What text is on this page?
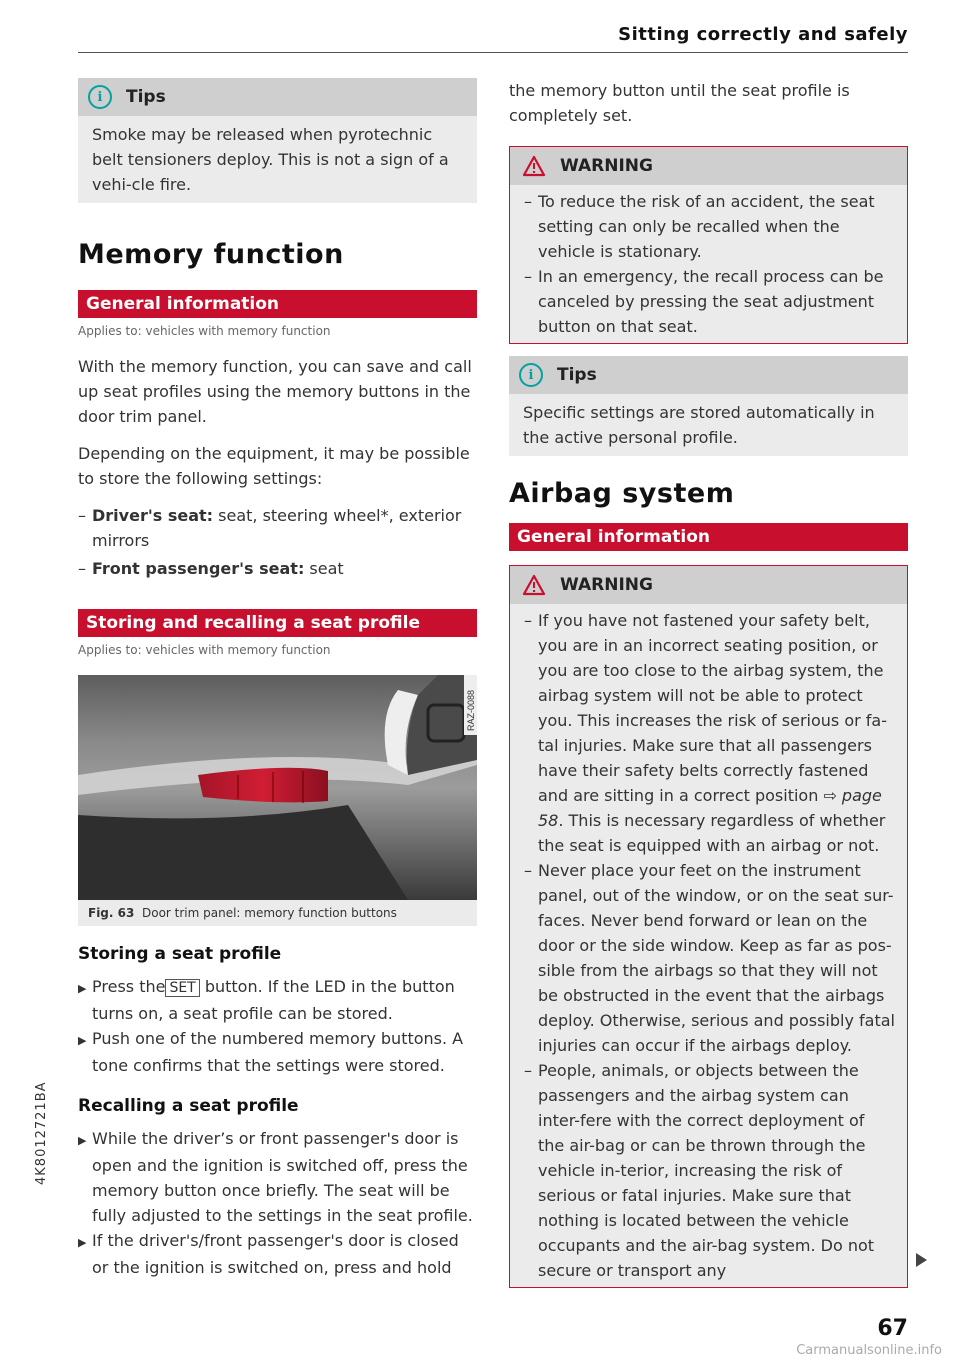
Sitting correctly and safely
i	Tips
Smoke may be released when pyrotechnic belt tensioners deploy. This is not a sign of a vehi-cle fire.
Memory function
General information
Applies to: vehicles with memory function

With the memory function, you can save and call up seat profiles using the memory buttons in the door trim panel.

Depending on the equipment, it may be possible to store the following settings:

– Driver's seat: seat, steering wheel*, exterior mirrors
– Front passenger's seat: seat
Storing and recalling a seat profile
Applies to: vehicles with memory function
RAZ-0088
Fig. 63 Door trim panel: memory function buttons
Storing a seat profile
▶ Press the SET button. If the LED in the button turns on, a seat profile can be stored.
▶ Push one of the numbered memory buttons. A tone confirms that the settings were stored.
Recalling a seat profile
▶ While the driver’s or front passenger's door is open and the ignition is switched off, press the memory button once briefly. The seat will be fully adjusted to the settings in the seat profile.
▶ If the driver's/front passenger's door is closed or the ignition is switched on, press and hold

the memory button until the seat profile is completely set.

WARNING
– To reduce the risk of an accident, the seat setting can only be recalled when the vehicle is stationary.
– In an emergency, the recall process can be canceled by pressing the seat adjustment button on that seat.
i	Tips
Specific settings are stored automatically in the active personal profile.
Airbag system
General information
WARNING
– If you have not fastened your safety belt, you are in an incorrect seating position, or you are too close to the airbag system, the airbag system will not be able to protect you. This increases the risk of serious or fa-tal injuries. Make sure that all passengers have their safety belts correctly fastened and are sitting in a correct position ⇨ page 58. This is necessary regardless of whether the seat is equipped with an airbag or not.
– Never place your feet on the instrument panel, out of the window, or on the seat sur-faces. Never bend forward or lean on the door or the side window. Keep as far as pos-sible from the airbags so that they will not be obstructed in the event that the airbags deploy. Otherwise, serious and possibly fatal injuries can occur if the airbags deploy.
– People, animals, or objects between the passengers and the airbag system can inter-fere with the correct deployment of the air-bag or can be thrown through the vehicle in-terior, increasing the risk of serious or fatal injuries. Make sure that nothing is located between the vehicle occupants and the air-bag system. Do not secure or transport any
4K8012721BA
67
Carmanualsonline.info
